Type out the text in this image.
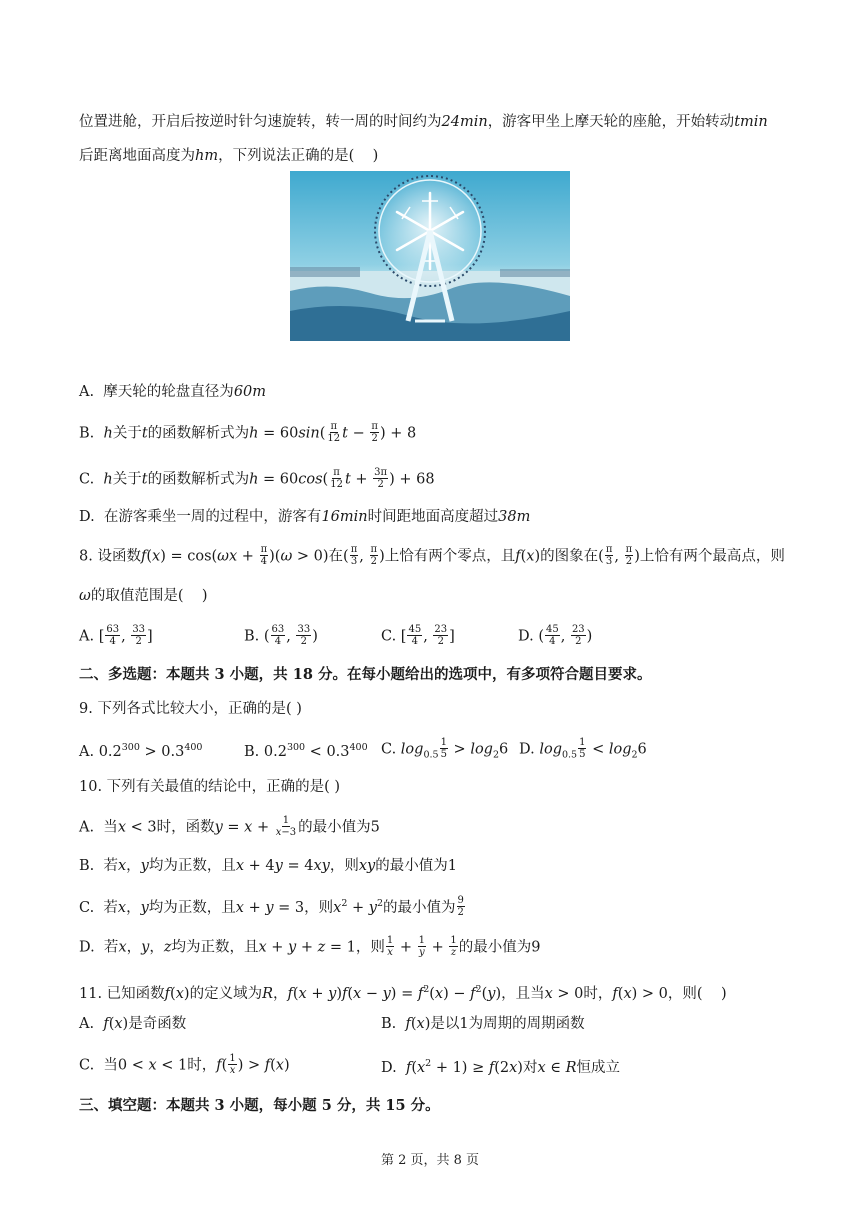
位置进舱，开启后按逆时针匀速旋转，转一周的时间约为24min，游客甲坐上摩天轮的座舱，开始转动tmin
后距离地面高度为hm，下列说法正确的是(    )
A.  摩天轮的轮盘直径为60m
B.  h关于t的函数解析式为$h = 60\sin( \frac{\pi}{12}$ $t - \frac{\pi}{2}$ ) + 8
C.  h关于t的函数解析式为$h = 60\cos( \frac{\pi}{12}$ $t + \frac{3\pi}{2}$ ) + 68
D.  在游客乘坐一周的过程中，游客有16min时间距地面高度超过38m
8. 设函数$f(x) = \cos(\omega x + \frac{\pi}{4} )(\omega > 0)$在( $\frac{\pi}{3}$ , $\frac{\pi}{2}$ )上恰有两个零点，且f(x)的图象在( $\frac{\pi}{3}$ , $\frac{\pi}{2}$ )上恰有两个最高点，则
ω的取值范围是(    )
A. [ $\frac{63}{4}$ , $\frac{33}{2}$ ]	B. ( $\frac{63}{4}$ , $\frac{33}{2}$ )	C. [ $\frac{45}{4}$ , $\frac{23}{2}$ ]	D. ( $\frac{45}{4}$ , $\frac{23}{2}$ )
二、多选题：本题共 3 小题，共 18 分。在每小题给出的选项中，有多项符合题目要求。
9. 下列各式比较大小，正确的是( )
A. $0.2^{300} > 0.3^{400}$	B. $0.2^{300} < 0.3^{400}$ C. $\log_{0.5} \frac{1}{5} > \log_26$ D. $\log_{0.5} \frac{1}{5} < \log_26$
10. 下列有关最值的结论中，正确的是( )
A.  当x < 3时，函数$y = x + \frac{1}{x-3}$ 的最小值为5
B.  若x，y均为正数，且x + 4y = 4xy，则xy的最小值为1
C.  若x，y均为正数，且x + y = 3，则$x^2 + y^2$的最小值为 $\frac{9}{2}$
D.  若x，y，z均为正数，且x + y + z = 1，则 $\frac{1}{x} + \frac{1}{y} + \frac{1}{z}$ 的最小值为9
11. 已知函数f(x)的定义域为R，$f(x + y)f(x - y) = f^2(x) - f^2(y)$，且当x > 0时，f(x) > 0，则(    )
A.  f(x)是奇函数	B.  f(x)是以1为周期的周期函数
C.  当0 < x < 1时，$f( \frac{1}{x}$ ) > f(x)	D.  $f(x^2 + 1) \ge f(2x)$对x ∈ R恒成立
三、填空题：本题共 3 小题，每小题 5 分，共 15 分。
第 2 页，共 8 页
